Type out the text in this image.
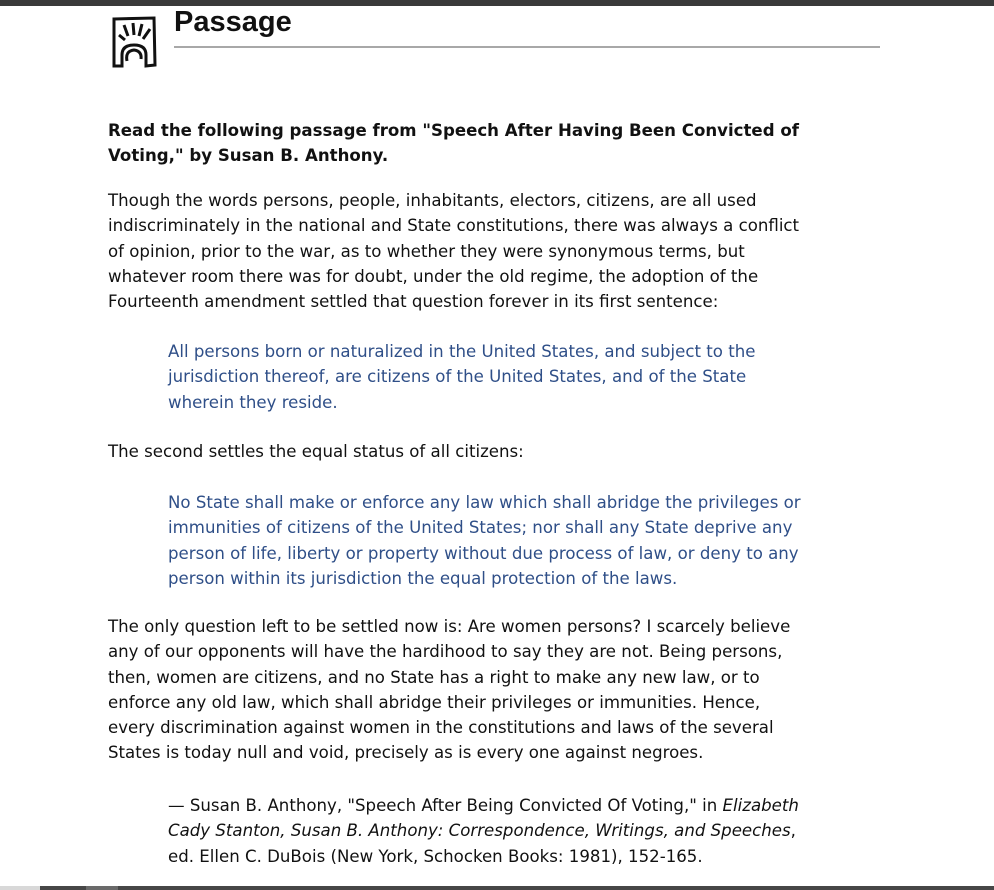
Passage
Read the following passage from "Speech After Having Been Convicted of
Voting," by Susan B. Anthony.
Though the words persons, people, inhabitants, electors, citizens, are all used
indiscriminately in the national and State constitutions, there was always a conflict
of opinion, prior to the war, as to whether they were synonymous terms, but
whatever room there was for doubt, under the old regime, the adoption of the
Fourteenth amendment settled that question forever in its first sentence:
All persons born or naturalized in the United States, and subject to the
jurisdiction thereof, are citizens of the United States, and of the State
wherein they reside.
The second settles the equal status of all citizens:
No State shall make or enforce any law which shall abridge the privileges or
immunities of citizens of the United States; nor shall any State deprive any
person of life, liberty or property without due process of law, or deny to any
person within its jurisdiction the equal protection of the laws.
The only question left to be settled now is: Are women persons? I scarcely believe
any of our opponents will have the hardihood to say they are not. Being persons,
then, women are citizens, and no State has a right to make any new law, or to
enforce any old law, which shall abridge their privileges or immunities. Hence,
every discrimination against women in the constitutions and laws of the several
States is today null and void, precisely as is every one against negroes.
— Susan B. Anthony, "Speech After Being Convicted Of Voting," in Elizabeth
Cady Stanton, Susan B. Anthony: Correspondence, Writings, and Speeches,
ed. Ellen C. DuBois (New York, Schocken Books: 1981), 152-165.
